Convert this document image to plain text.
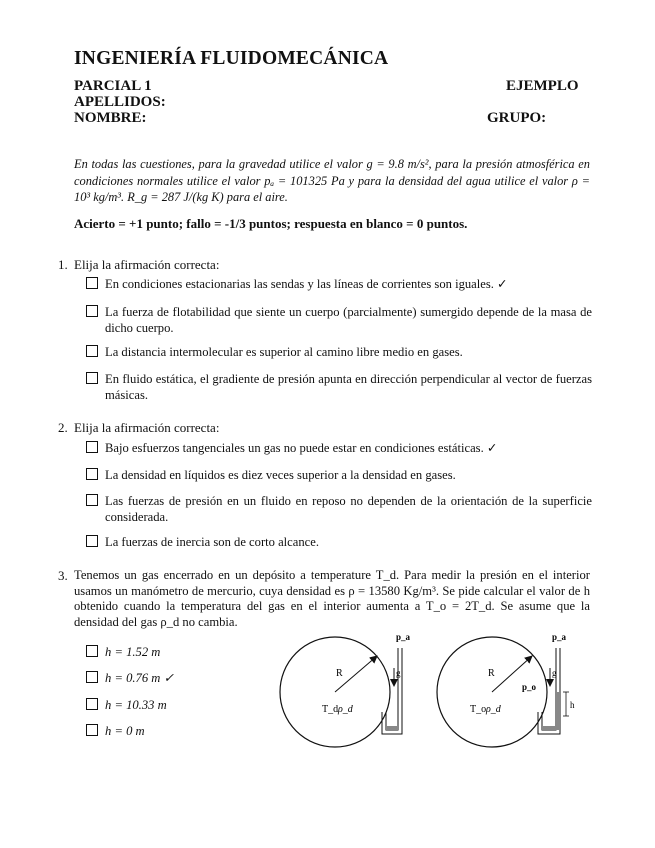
INGENIERÍA FLUIDOMECÁNICA
PARCIAL 1	EJEMPLO
APELLIDOS:
NOMBRE:	GRUPO:
En todas las cuestiones, para la gravedad utilice el valor g = 9.8 m/s², para la presión atmosférica en condiciones normales utilice el valor pₐ = 101325 Pa y para la densidad del agua utilice el valor ρ = 10³ kg/m³. R_g = 287 J/(kg K) para el aire.
Acierto = +1 punto; fallo = -1/3 puntos; respuesta en blanco = 0 puntos.
1. Elija la afirmación correcta:
En condiciones estacionarias las sendas y las líneas de corrientes son iguales. ✓
La fuerza de flotabilidad que siente un cuerpo (parcialmente) sumergido depende de la masa de dicho cuerpo.
La distancia intermolecular es superior al camino libre medio en gases.
En fluido estática, el gradiente de presión apunta en dirección perpendicular al vector de fuerzas másicas.
2. Elija la afirmación correcta:
Bajo esfuerzos tangenciales un gas no puede estar en condiciones estáticas. ✓
La densidad en líquidos es diez veces superior a la densidad en gases.
Las fuerzas de presión en un fluido en reposo no dependen de la orientación de la superficie considerada.
La fuerzas de inercia son de corto alcance.
3. Tenemos un gas encerrado en un depósito a temperature T_d. Para medir la presión en el interior usamos un manómetro de mercurio, cuya densidad es ρ = 13580 Kg/m³. Se pide calcular el valor de h obtenido cuando la temperatura del gas en el interior aumenta a T_o = 2T_d. Se asume que la densidad del gas ρ_d no cambia.
h = 1.52 m
h = 0.76 m ✓
h = 10.33 m
h = 0 m
R
T_d ρ_d
g
p_a
R
T_o ρ_d
p_o
g
p_a
h
